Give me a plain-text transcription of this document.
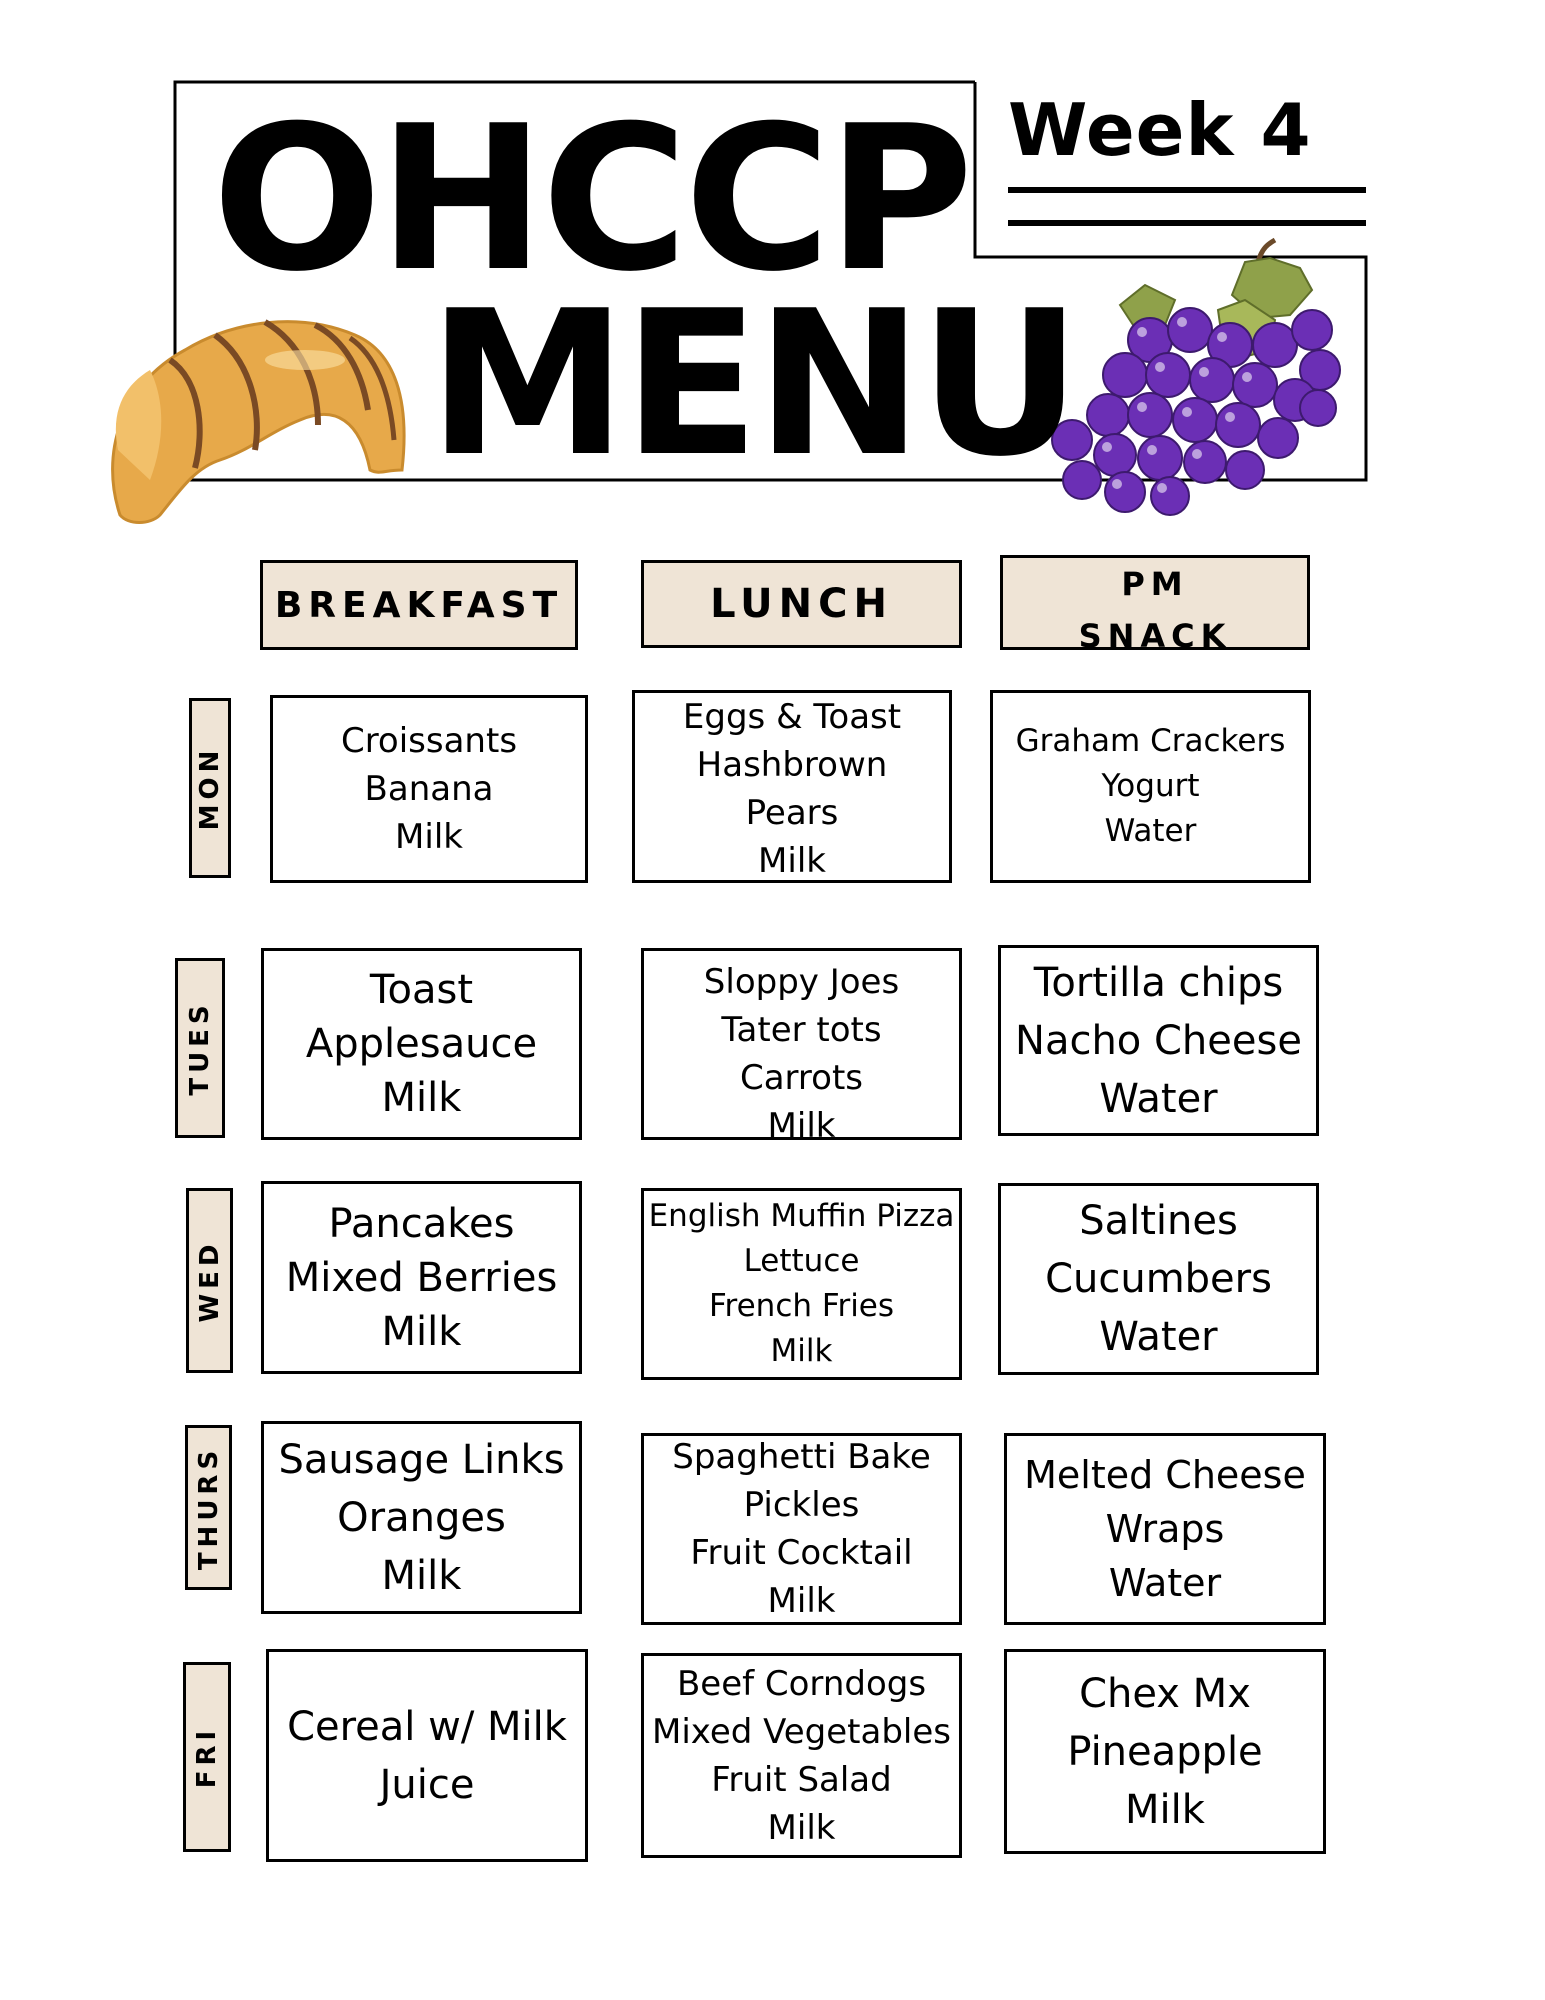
OHCCP
MENU
Week 4
BREAKFAST	LUNCH	PM
SNACK
MON
TUES
WED
THURS
FRI
Croissants
Banana
Milk
Eggs & Toast
Hashbrown
Pears
Milk
Graham Crackers
Yogurt
Water
Toast
Applesauce
Milk
Sloppy Joes
Tater tots
Carrots
Milk
Tortilla chips
Nacho Cheese
Water
Pancakes
Mixed Berries
Milk
English Muffin Pizza
Lettuce
French Fries
Milk
Saltines
Cucumbers
Water
Sausage Links
Oranges
Milk
Spaghetti Bake
Pickles
Fruit Cocktail
Milk
Melted Cheese
Wraps
Water
Cereal w/ Milk
Juice
Beef Corndogs
Mixed Vegetables
Fruit Salad
Milk
Chex Mx
Pineapple
Milk
